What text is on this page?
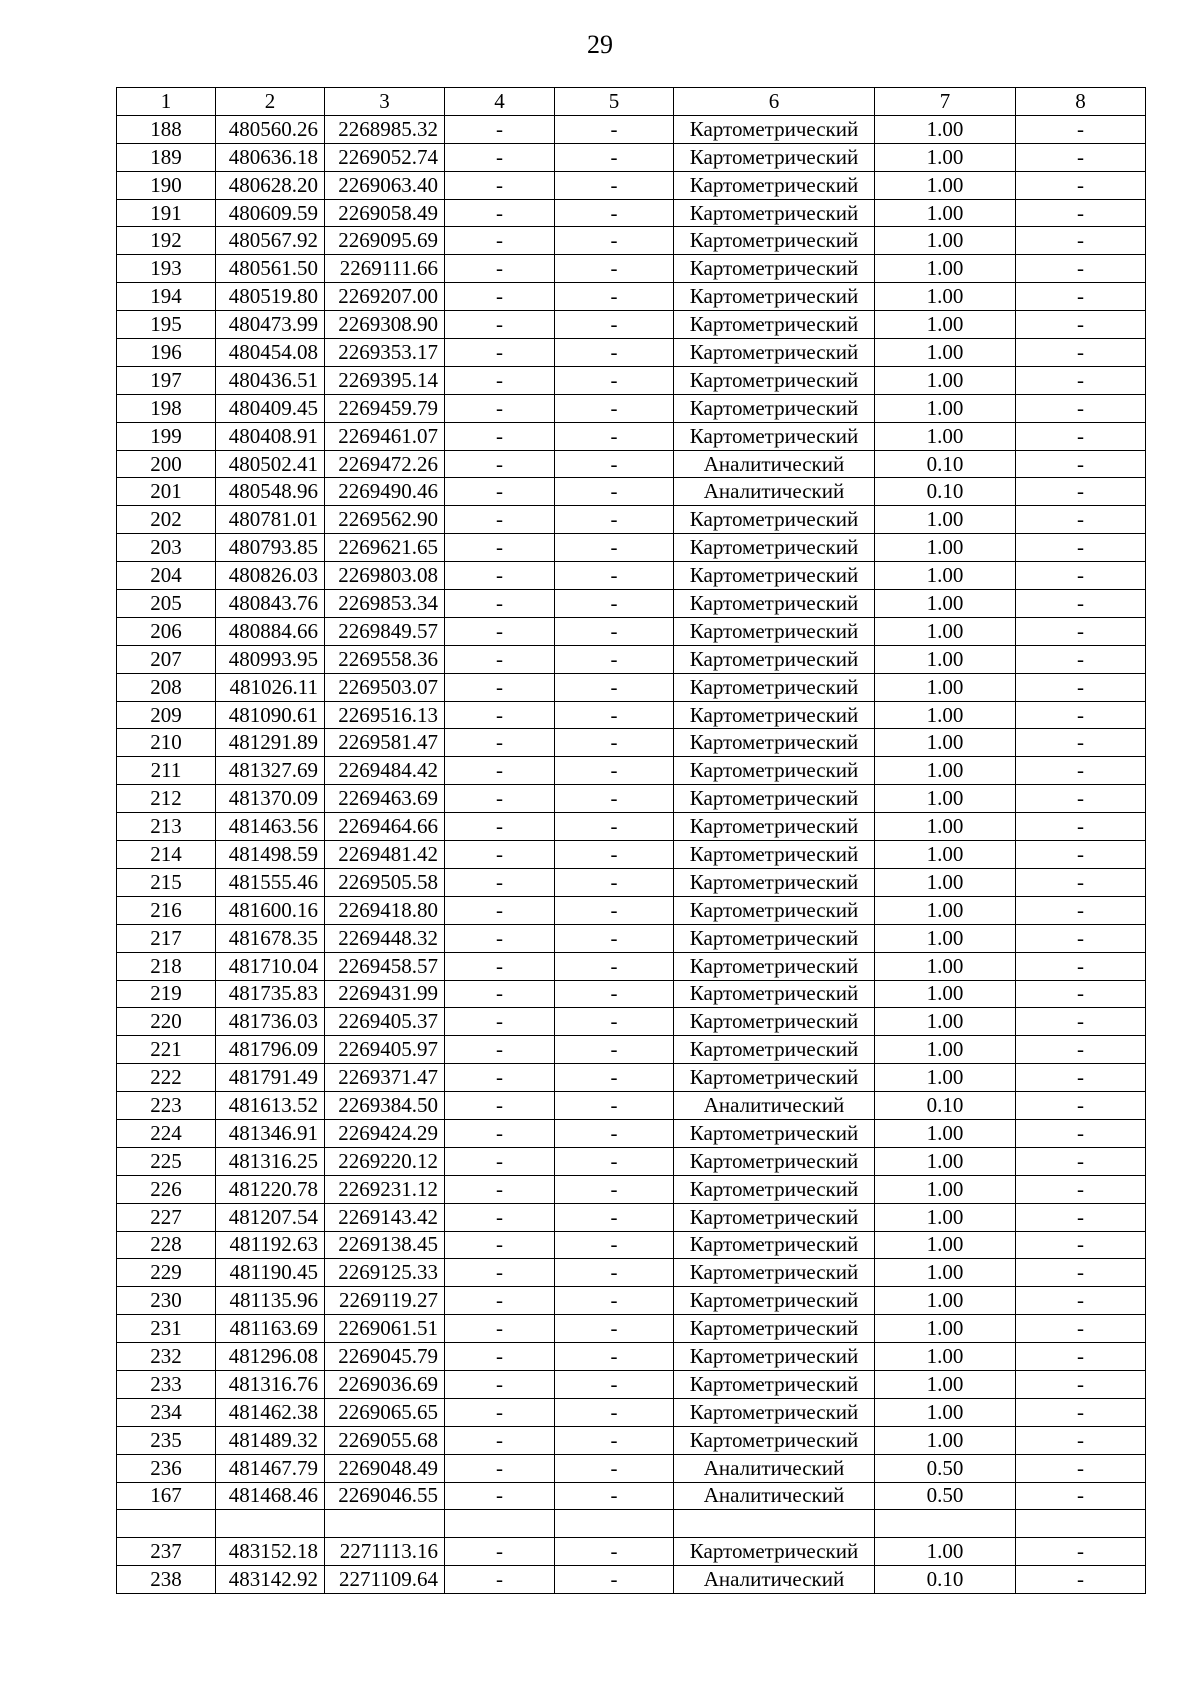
29
1	2	3	4	5	6	7	8
188	480560.26	2268985.32	-	-	Картометрический	1.00	-
189	480636.18	2269052.74	-	-	Картометрический	1.00	-
190	480628.20	2269063.40	-	-	Картометрический	1.00	-
191	480609.59	2269058.49	-	-	Картометрический	1.00	-
192	480567.92	2269095.69	-	-	Картометрический	1.00	-
193	480561.50	2269111.66	-	-	Картометрический	1.00	-
194	480519.80	2269207.00	-	-	Картометрический	1.00	-
195	480473.99	2269308.90	-	-	Картометрический	1.00	-
196	480454.08	2269353.17	-	-	Картометрический	1.00	-
197	480436.51	2269395.14	-	-	Картометрический	1.00	-
198	480409.45	2269459.79	-	-	Картометрический	1.00	-
199	480408.91	2269461.07	-	-	Картометрический	1.00	-
200	480502.41	2269472.26	-	-	Аналитический	0.10	-
201	480548.96	2269490.46	-	-	Аналитический	0.10	-
202	480781.01	2269562.90	-	-	Картометрический	1.00	-
203	480793.85	2269621.65	-	-	Картометрический	1.00	-
204	480826.03	2269803.08	-	-	Картометрический	1.00	-
205	480843.76	2269853.34	-	-	Картометрический	1.00	-
206	480884.66	2269849.57	-	-	Картометрический	1.00	-
207	480993.95	2269558.36	-	-	Картометрический	1.00	-
208	481026.11	2269503.07	-	-	Картометрический	1.00	-
209	481090.61	2269516.13	-	-	Картометрический	1.00	-
210	481291.89	2269581.47	-	-	Картометрический	1.00	-
211	481327.69	2269484.42	-	-	Картометрический	1.00	-
212	481370.09	2269463.69	-	-	Картометрический	1.00	-
213	481463.56	2269464.66	-	-	Картометрический	1.00	-
214	481498.59	2269481.42	-	-	Картометрический	1.00	-
215	481555.46	2269505.58	-	-	Картометрический	1.00	-
216	481600.16	2269418.80	-	-	Картометрический	1.00	-
217	481678.35	2269448.32	-	-	Картометрический	1.00	-
218	481710.04	2269458.57	-	-	Картометрический	1.00	-
219	481735.83	2269431.99	-	-	Картометрический	1.00	-
220	481736.03	2269405.37	-	-	Картометрический	1.00	-
221	481796.09	2269405.97	-	-	Картометрический	1.00	-
222	481791.49	2269371.47	-	-	Картометрический	1.00	-
223	481613.52	2269384.50	-	-	Аналитический	0.10	-
224	481346.91	2269424.29	-	-	Картометрический	1.00	-
225	481316.25	2269220.12	-	-	Картометрический	1.00	-
226	481220.78	2269231.12	-	-	Картометрический	1.00	-
227	481207.54	2269143.42	-	-	Картометрический	1.00	-
228	481192.63	2269138.45	-	-	Картометрический	1.00	-
229	481190.45	2269125.33	-	-	Картометрический	1.00	-
230	481135.96	2269119.27	-	-	Картометрический	1.00	-
231	481163.69	2269061.51	-	-	Картометрический	1.00	-
232	481296.08	2269045.79	-	-	Картометрический	1.00	-
233	481316.76	2269036.69	-	-	Картометрический	1.00	-
234	481462.38	2269065.65	-	-	Картометрический	1.00	-
235	481489.32	2269055.68	-	-	Картометрический	1.00	-
236	481467.79	2269048.49	-	-	Аналитический	0.50	-
167	481468.46	2269046.55	-	-	Аналитический	0.50	-

237	483152.18	2271113.16	-	-	Картометрический	1.00	-
238	483142.92	2271109.64	-	-	Аналитический	0.10	-
